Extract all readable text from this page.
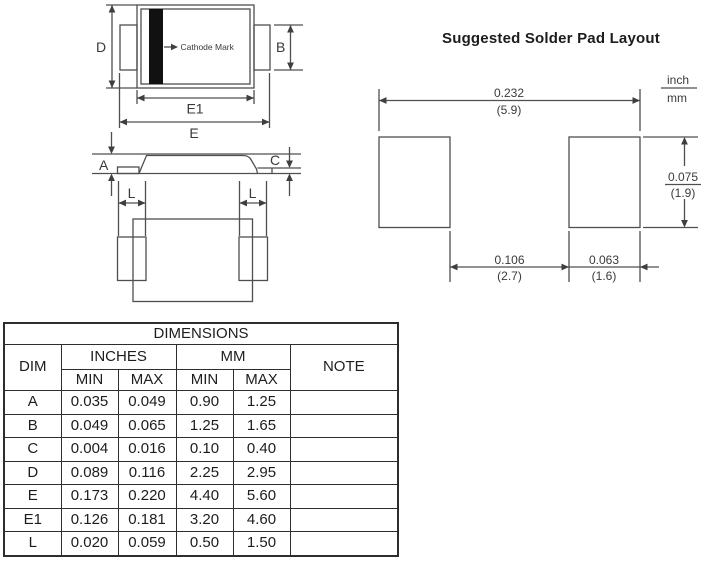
Cathode Mark
D	B
E1
E
A	C
L	L
Suggested Solder Pad Layout
0.232
(5.9)
inch
mm
0.075
(1.9)
0.106
(2.7)
0.063
(1.6)
DIMENSIONS					
DIM	INCHES		MM		NOTE
	MIN	MAX	MIN	MAX	
A	0.035	0.049	0.90	1.25	
B	0.049	0.065	1.25	1.65	
C	0.004	0.016	0.10	0.40	
D	0.089	0.116	2.25	2.95	
E	0.173	0.220	4.40	5.60	
E1	0.126	0.181	3.20	4.60	
L	0.020	0.059	0.50	1.50	
